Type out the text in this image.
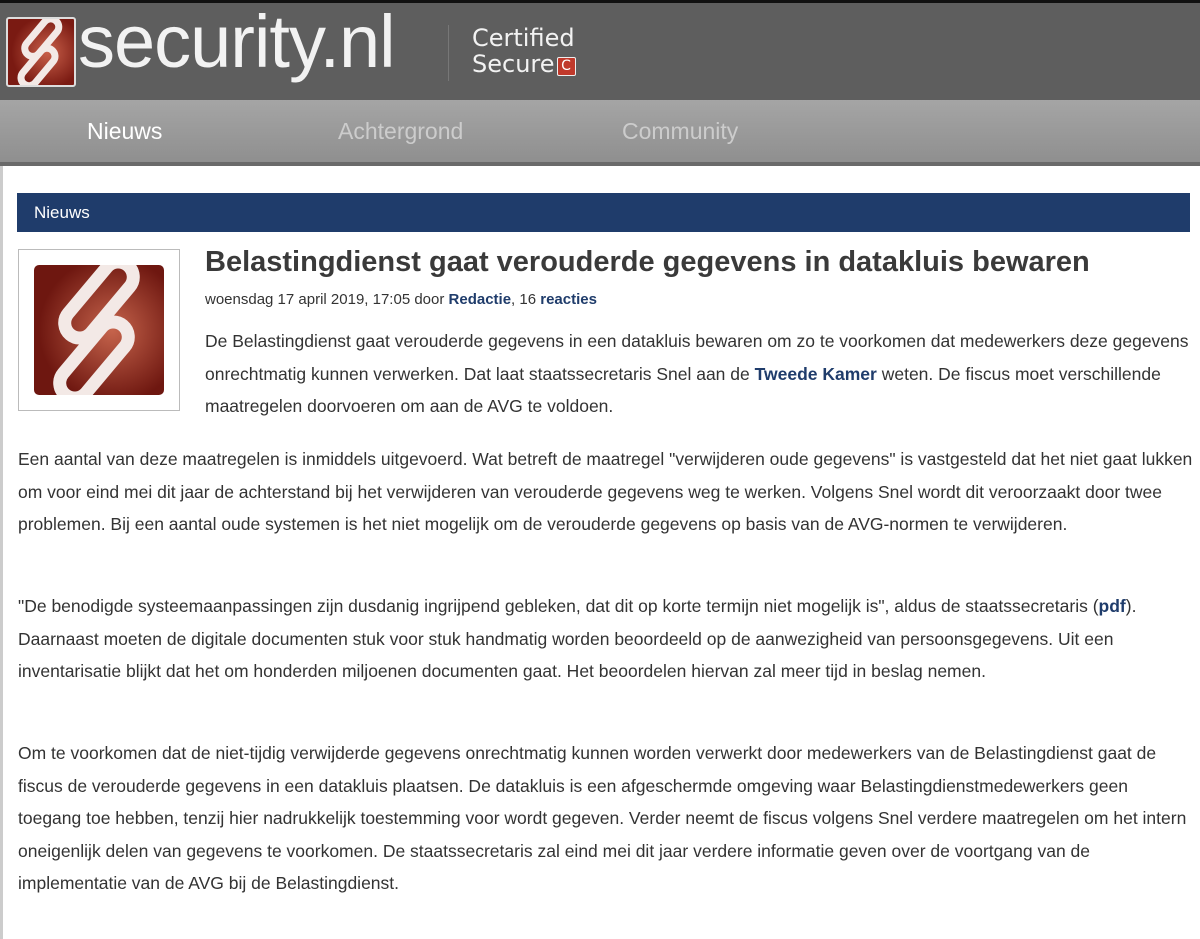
security.nl	Certified
Secure C
Nieuws	Achtergrond	Community
Nieuws
Belastingdienst gaat verouderde gegevens in datakluis bewaren
woensdag 17 april 2019, 17:05 door Redactie, 16 reacties

De Belastingdienst gaat verouderde gegevens in een datakluis bewaren om zo te voorkomen dat medewerkers deze gegevens onrechtmatig kunnen verwerken. Dat laat staatssecretaris Snel aan de Tweede Kamer weten. De fiscus moet verschillende maatregelen doorvoeren om aan de AVG te voldoen.

Een aantal van deze maatregelen is inmiddels uitgevoerd. Wat betreft de maatregel "verwijderen oude gegevens" is vastgesteld dat het niet gaat lukken om voor eind mei dit jaar de achterstand bij het verwijderen van verouderde gegevens weg te werken. Volgens Snel wordt dit veroorzaakt door twee problemen. Bij een aantal oude systemen is het niet mogelijk om de verouderde gegevens op basis van de AVG-normen te verwijderen.

"De benodigde systeemaanpassingen zijn dusdanig ingrijpend gebleken, dat dit op korte termijn niet mogelijk is", aldus de staatssecretaris (pdf). Daarnaast moeten de digitale documenten stuk voor stuk handmatig worden beoordeeld op de aanwezigheid van persoonsgegevens. Uit een inventarisatie blijkt dat het om honderden miljoenen documenten gaat. Het beoordelen hiervan zal meer tijd in beslag nemen.

Om te voorkomen dat de niet-tijdig verwijderde gegevens onrechtmatig kunnen worden verwerkt door medewerkers van de Belastingdienst gaat de fiscus de verouderde gegevens in een datakluis plaatsen. De datakluis is een afgeschermde omgeving waar Belastingdienstmedewerkers geen toegang toe hebben, tenzij hier nadrukkelijk toestemming voor wordt gegeven. Verder neemt de fiscus volgens Snel verdere maatregelen om het intern oneigenlijk delen van gegevens te voorkomen. De staatssecretaris zal eind mei dit jaar verdere informatie geven over de voortgang van de implementatie van de AVG bij de Belastingdienst.
